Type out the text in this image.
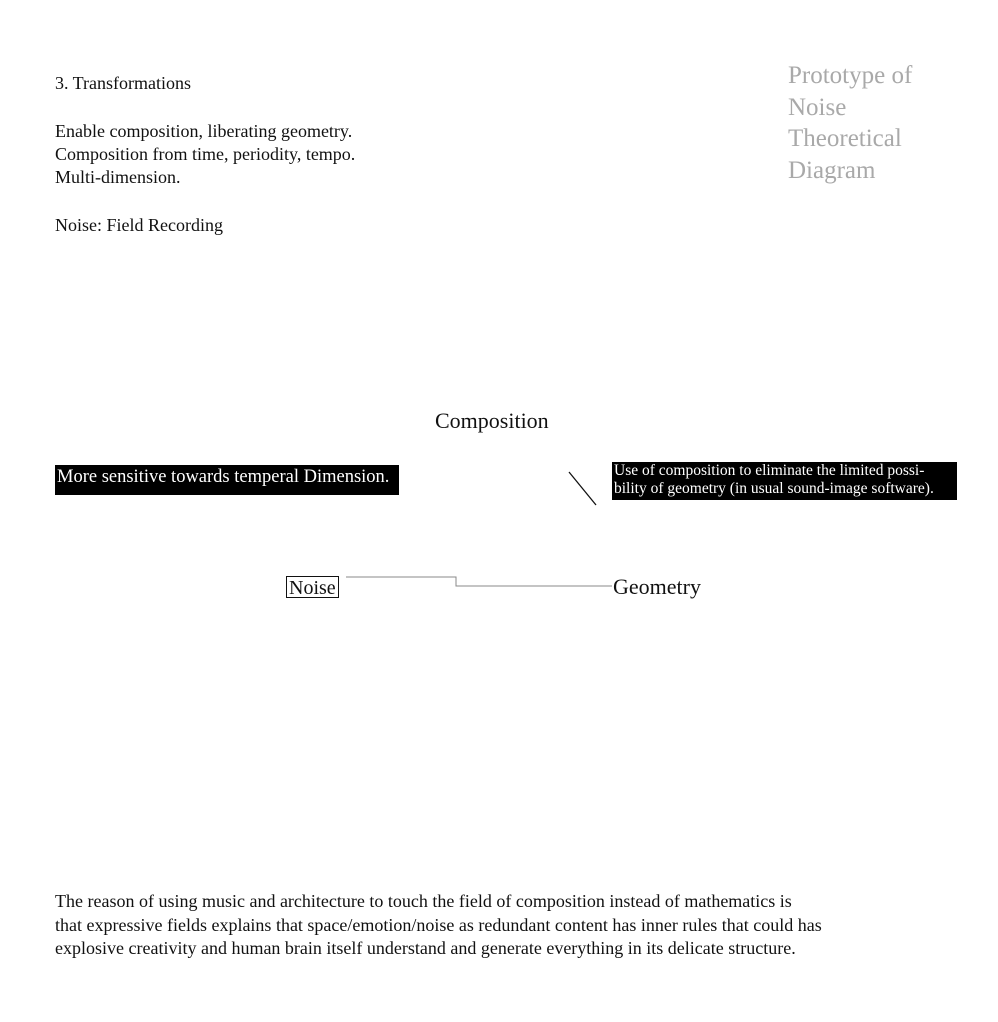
3. Transformations
Enable composition, liberating geometry.
Composition from time, periodity, tempo.
Multi-dimension.
Noise: Field Recording
Prototype of
Noise
Theoretical
Diagram
Composition
More sensitive towards temperal Dimension.	Use of composition to eliminate the limited possi-
bility of geometry (in usual sound-image software).
Noise	Geometry
The reason of using music and architecture to touch the field of composition instead of mathematics is
that expressive fields explains that space/emotion/noise as redundant content has inner rules that could has
explosive creativity and human brain itself understand and generate everything in its delicate structure.
